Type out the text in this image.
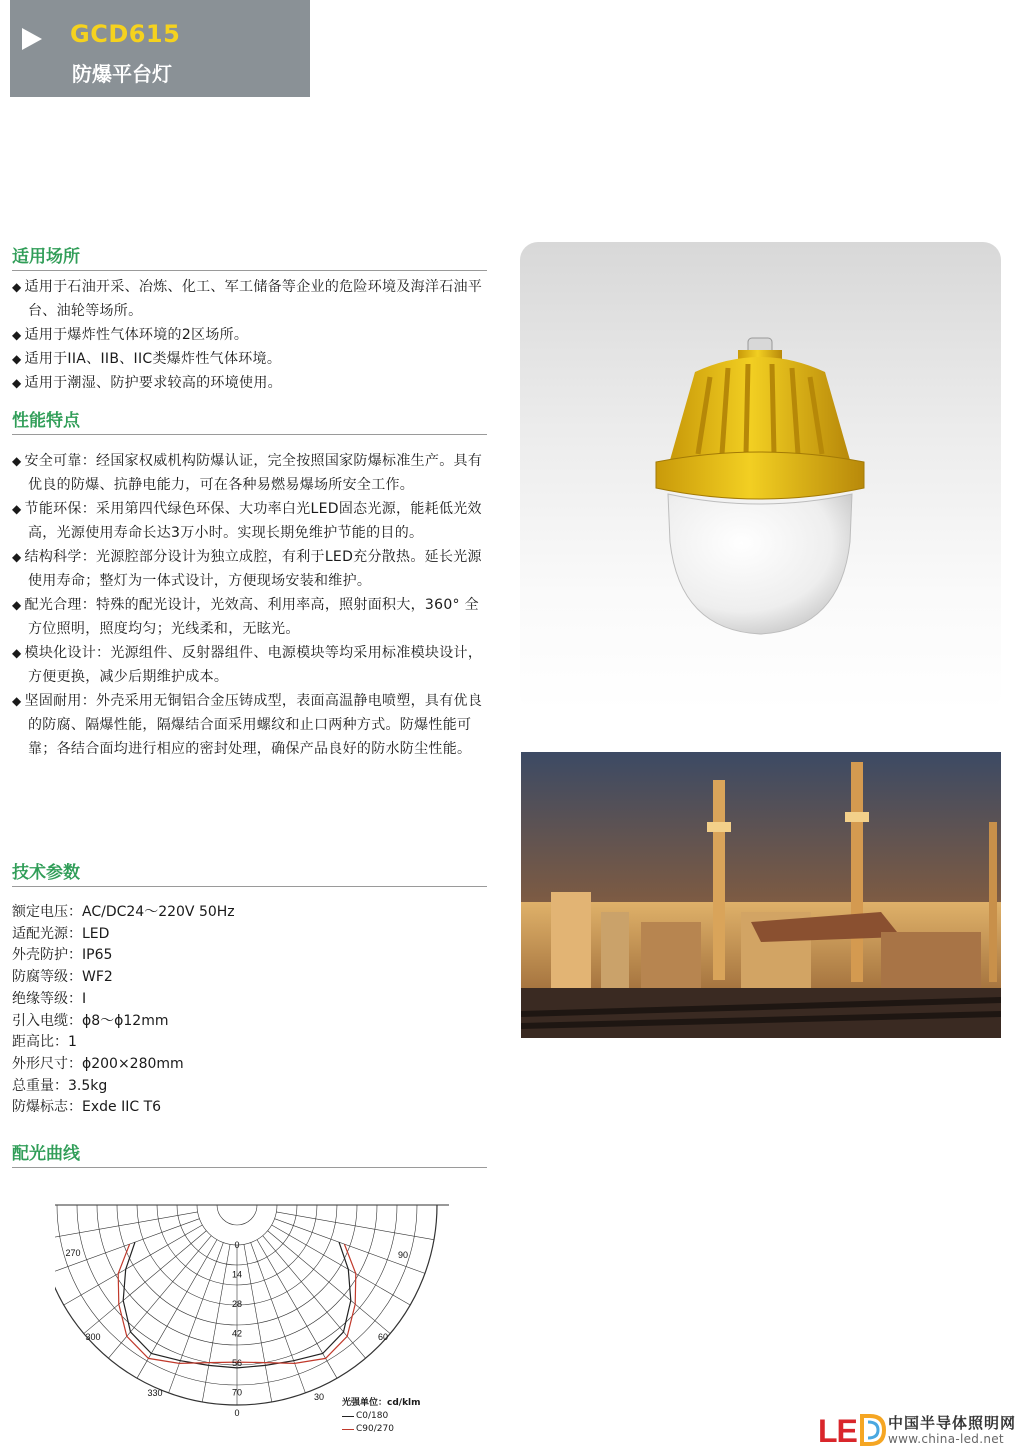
GCD615
防爆平台灯
适用场所
◆ 适用于石油开采、冶炼、化工、军工储备等企业的危险环境及海洋石油平台、油轮等场所。
◆ 适用于爆炸性气体环境的2区场所。
◆ 适用于IIA、IIB、IIC类爆炸性气体环境。
◆ 适用于潮湿、防护要求较高的环境使用。
性能特点
◆ 安全可靠：经国家权威机构防爆认证，完全按照国家防爆标准生产。具有优良的防爆、抗静电能力，可在各种易燃易爆场所安全工作。
◆ 节能环保：采用第四代绿色环保、大功率白光LED固态光源，能耗低光效高，光源使用寿命长达3万小时。实现长期免维护节能的目的。
◆ 结构科学：光源腔部分设计为独立成腔，有利于LED充分散热。延长光源使用寿命；整灯为一体式设计，方便现场安装和维护。
◆ 配光合理：特殊的配光设计，光效高、利用率高，照射面积大，360° 全方位照明，照度均匀；光线柔和，无眩光。
◆ 模块化设计：光源组件、反射器组件、电源模块等均采用标准模块设计，方便更换，减少后期维护成本。
◆ 坚固耐用：外壳采用无铜铝合金压铸成型，表面高温静电喷塑，具有优良的防腐、隔爆性能，隔爆结合面采用螺纹和止口两种方式。防爆性能可靠；各结合面均进行相应的密封处理，确保产品良好的防水防尘性能。
技术参数
额定电压：AC/DC24～220V 50Hz
适配光源：LED
外壳防护：IP65
防腐等级：WF2
绝缘等级：I
引入电缆：ϕ8～ϕ12mm
距高比：1
外形尺寸：ϕ200×280mm
总重量：3.5kg
防爆标志：Exde IIC T6
配光曲线
0
14
28
42
56
70
270	90
300	60
330	30
0
光强单位：cd/klm
C0/180
C90/270	LE 中国半导体照明网
www.china-led.net
